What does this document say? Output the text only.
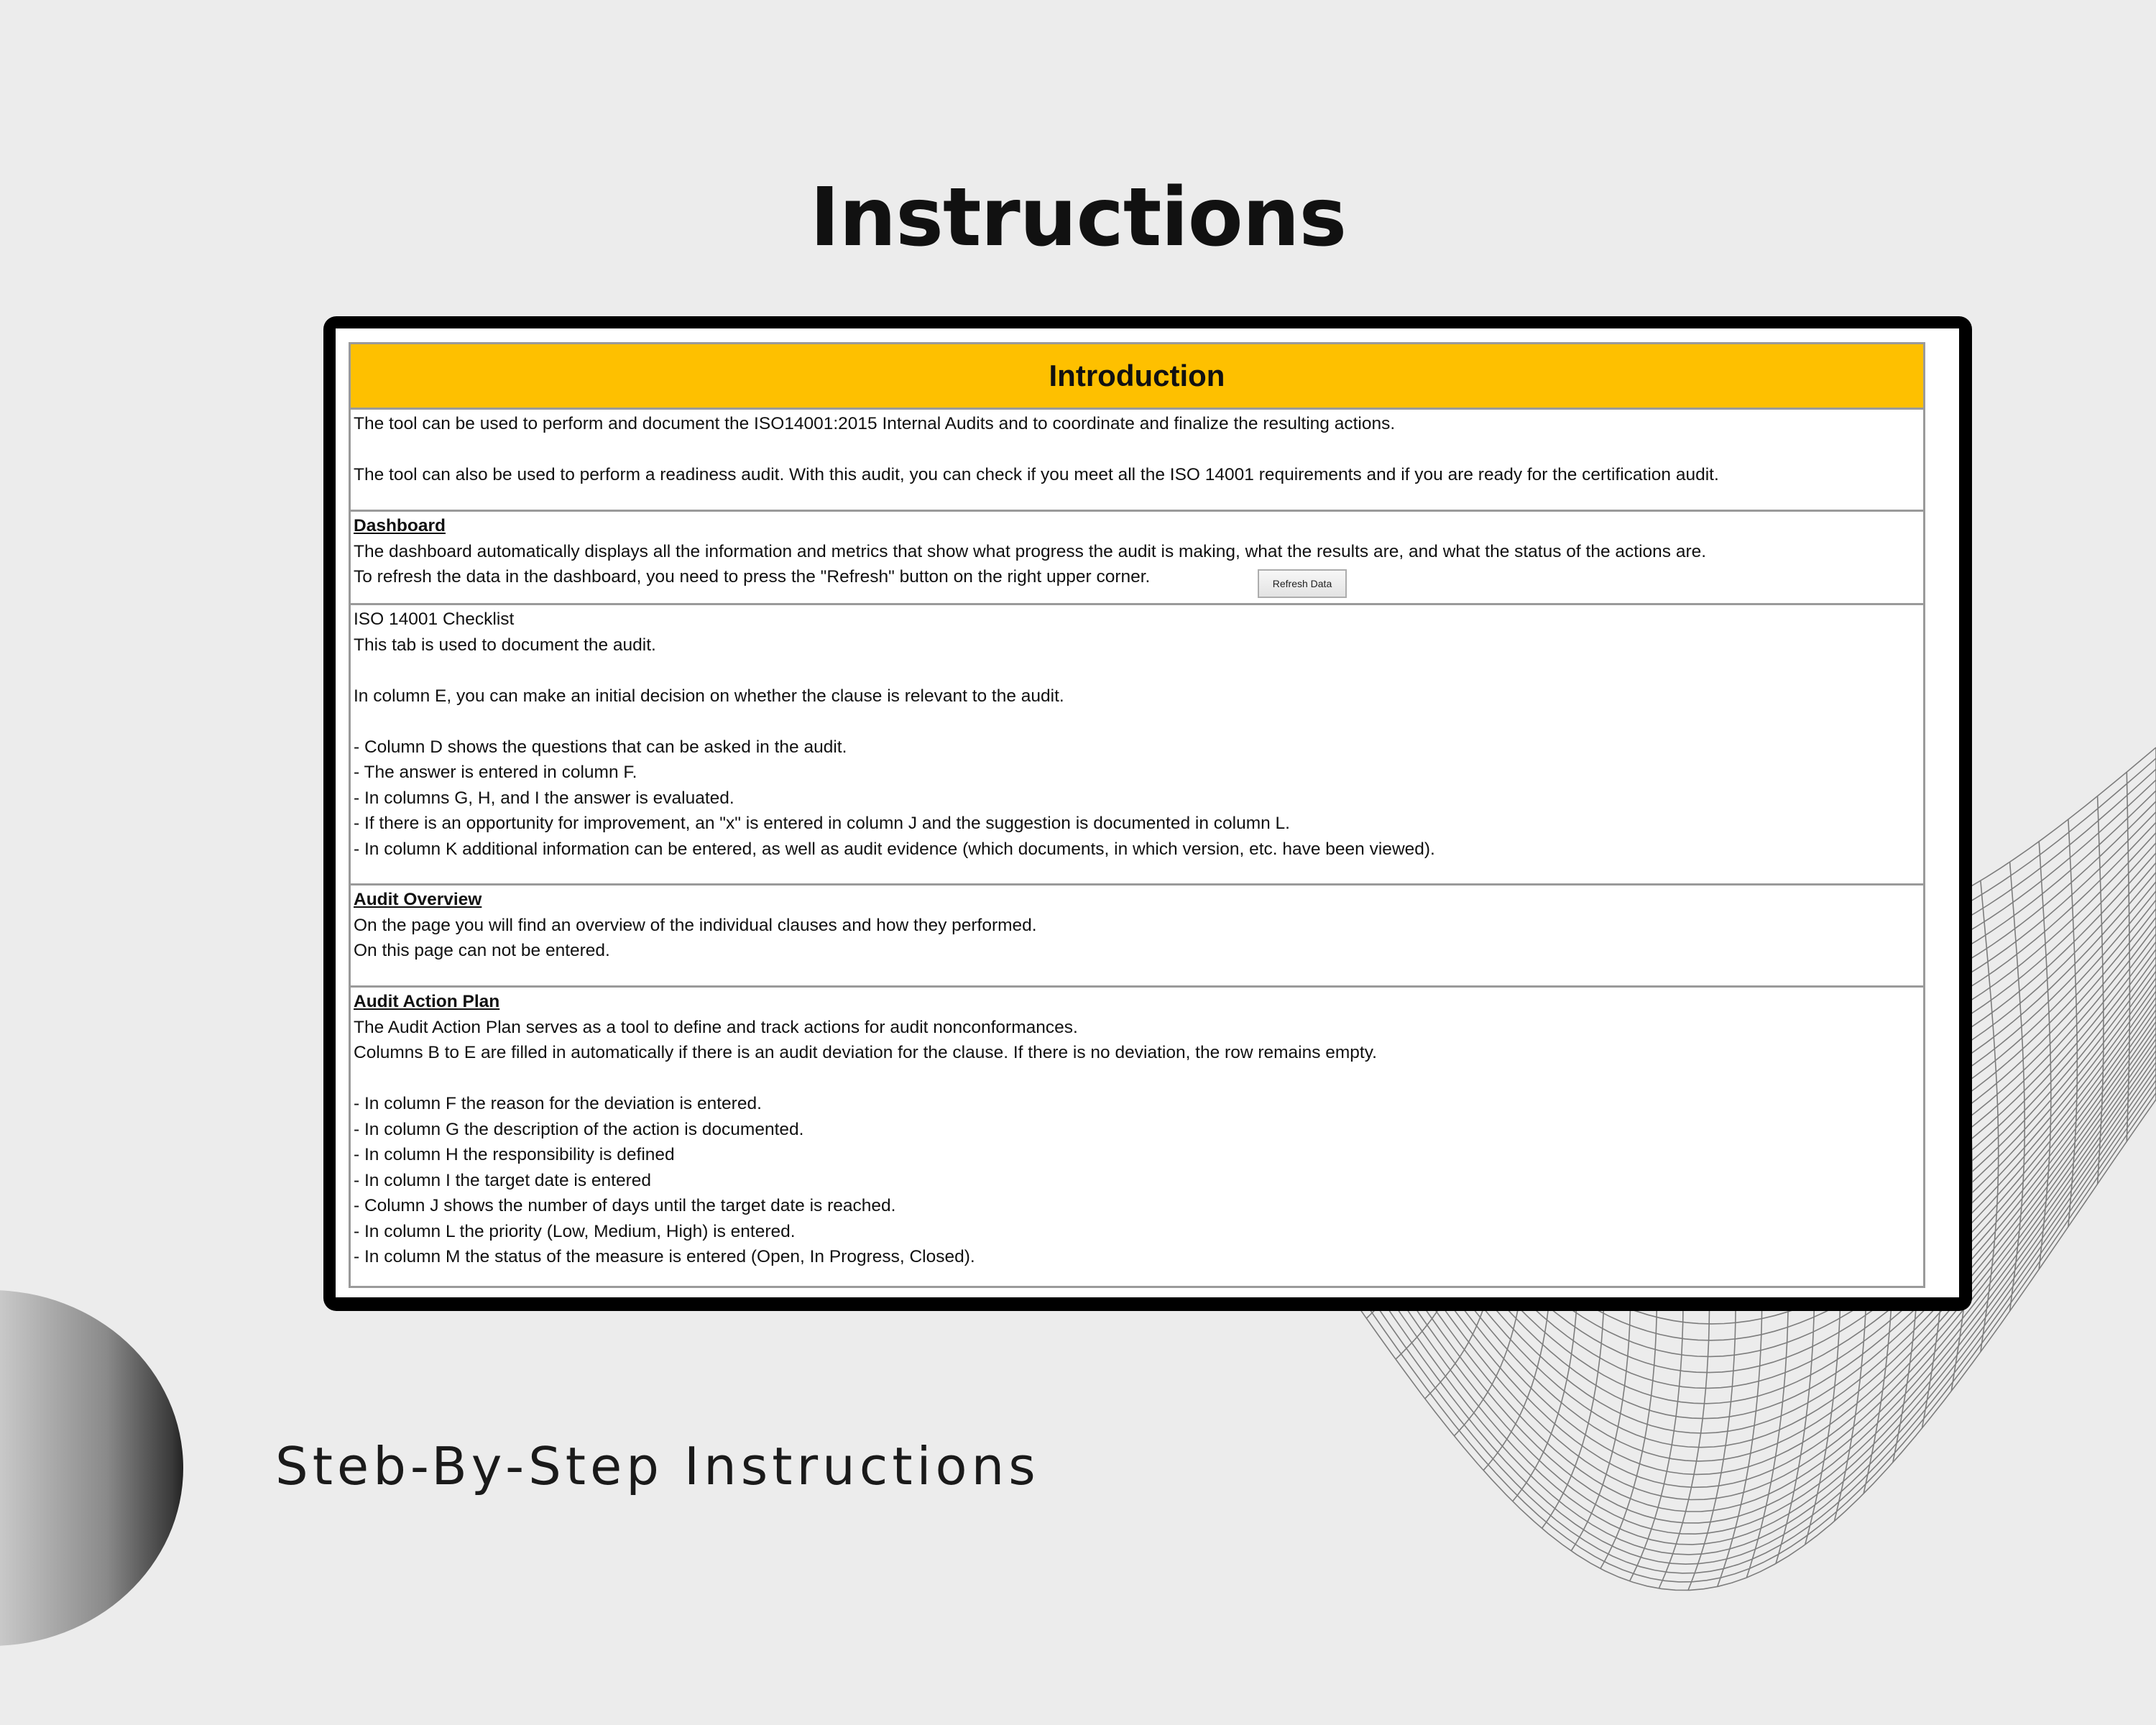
Instructions
Steb-By-Step Instructions
Introduction
The tool can be used to perform and document the ISO14001:2015 Internal Audits and to coordinate and finalize the resulting actions.
The tool can also be used to perform a readiness audit. With this audit, you can check if you meet all the ISO 14001 requirements and if you are ready for the certification audit.
Dashboard
The dashboard automatically displays all the information and metrics that show what progress the audit is making, what the results are, and what the status of the actions are.
To refresh the data in the dashboard, you need to press the "Refresh" button on the right upper corner.	Refresh Data
ISO 14001 Checklist
This tab is used to document the audit.
In column E, you can make an initial decision on whether the clause is relevant to the audit.
- Column D shows the questions that can be asked in the audit.
- The answer is entered in column F.
- In columns G, H, and I the answer is evaluated.
- If there is an opportunity for improvement, an "x" is entered in column J and the suggestion is documented in column L.
- In column K additional information can be entered, as well as audit evidence (which documents, in which version, etc. have been viewed).
Audit Overview
On the page you will find an overview of the individual clauses and how they performed.
On this page can not be entered.
Audit Action Plan
The Audit Action Plan serves as a tool to define and track actions for audit nonconformances.
Columns B to E are filled in automatically if there is an audit deviation for the clause. If there is no deviation, the row remains empty.
- In column F the reason for the deviation is entered.
- In column G the description of the action is documented.
- In column H the responsibility is defined
- In column I the target date is entered
- Column J shows the number of days until the target date is reached.
- In column L the priority (Low, Medium, High) is entered.
- In column M the status of the measure is entered (Open, In Progress, Closed).
